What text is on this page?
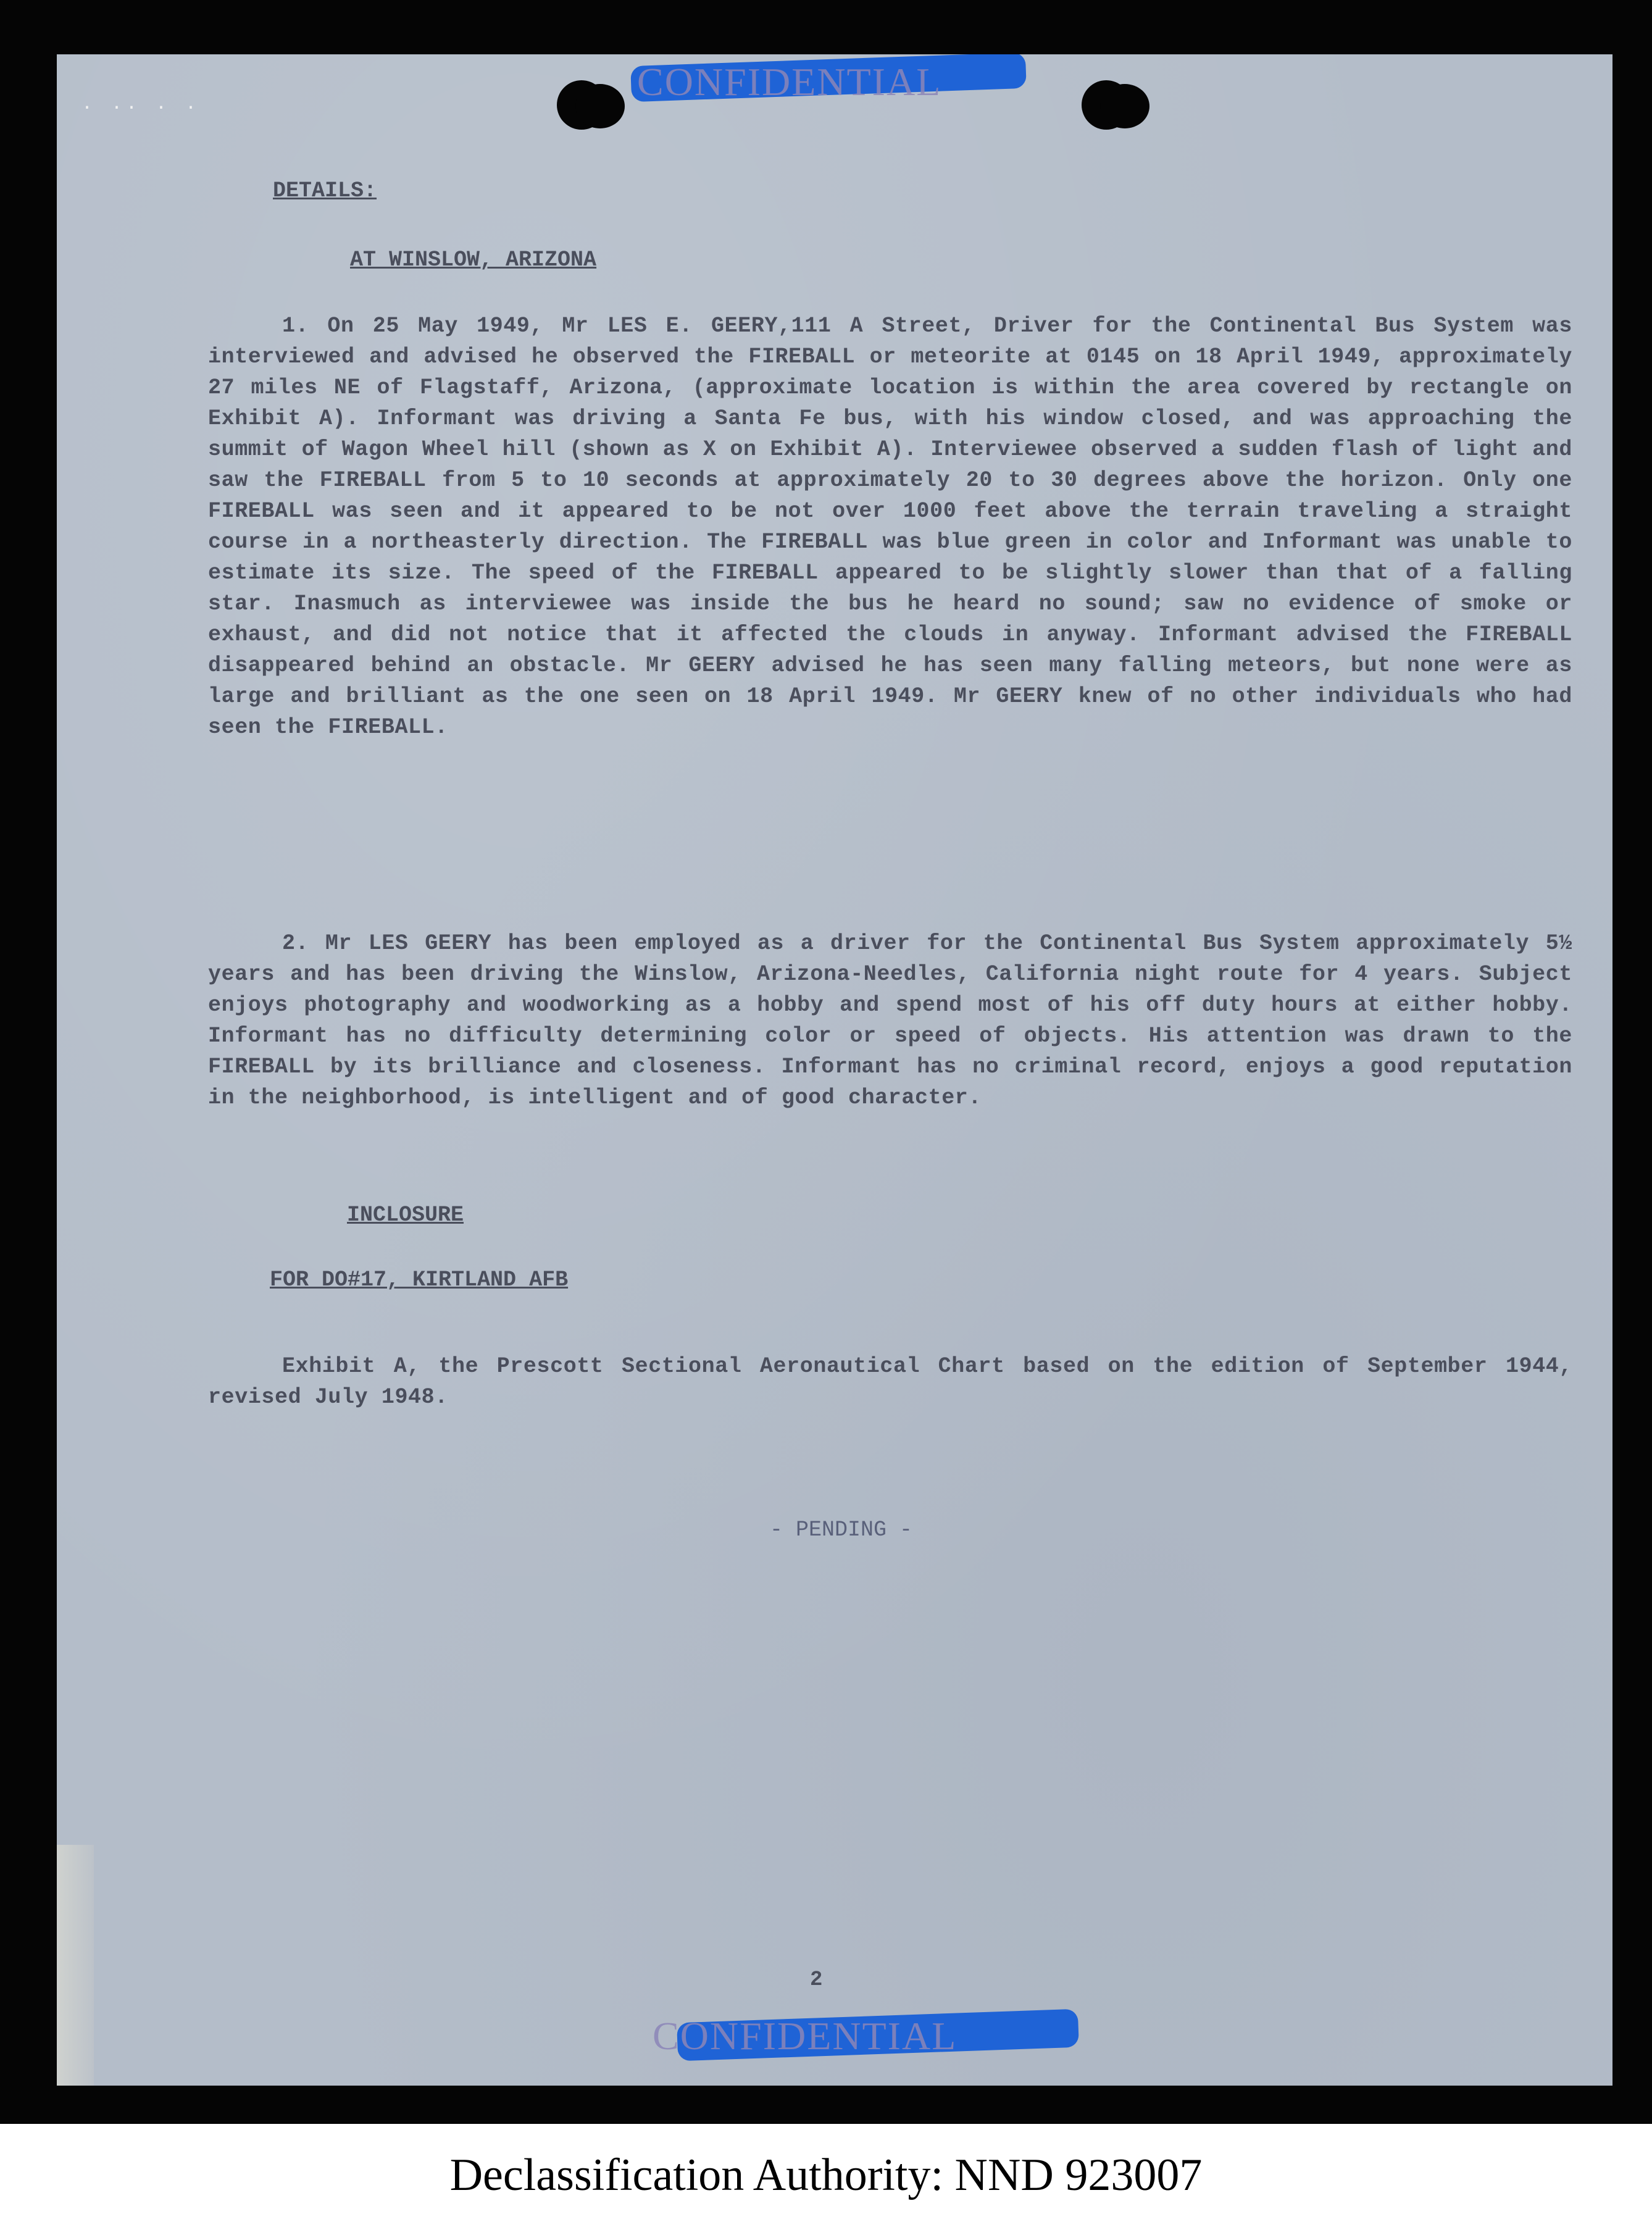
· ·· · ·
CONFIDENTIAL
DETAILS:
AT WINSLOW, ARIZONA

1. On 25 May 1949, Mr LES E. GEERY,111 A Street, Driver for the Continental Bus System was interviewed and advised he observed the FIREBALL or meteorite at 0145 on 18 April 1949, approximately 27 miles NE of Flagstaff, Arizona, (approximate location is within the area covered by rectangle on Exhibit A). Informant was driving a Santa Fe bus, with his window closed, and was approaching the summit of Wagon Wheel hill (shown as X on Exhibit A). Interviewee observed a sudden flash of light and saw the FIREBALL from 5 to 10 seconds at approximately 20 to 30 degrees above the horizon. Only one FIREBALL was seen and it appeared to be not over 1000 feet above the terrain traveling a straight course in a northeasterly direction. The FIREBALL was blue green in color and Informant was unable to estimate its size. The speed of the FIREBALL appeared to be slightly slower than that of a falling star. Inasmuch as interviewee was inside the bus he heard no sound; saw no evidence of smoke or exhaust, and did not notice that it affected the clouds in anyway. Informant advised the FIREBALL disappeared behind an obstacle. Mr GEERY advised he has seen many falling meteors, but none were as large and brilliant as the one seen on 18 April 1949. Mr GEERY knew of no other individuals who had seen the FIREBALL.

2. Mr LES GEERY has been employed as a driver for the Continental Bus System approximately 5½ years and has been driving the Winslow, Arizona-Needles, California night route for 4 years. Subject enjoys photography and woodworking as a hobby and spend most of his off duty hours at either hobby. Informant has no difficulty determining color or speed of objects. His attention was drawn to the FIREBALL by its brilliance and closeness. Informant has no criminal record, enjoys a good reputation in the neighborhood, is intelligent and of good character.

INCLOSURE
FOR DO#17, KIRTLAND AFB

Exhibit A, the Prescott Sectional Aeronautical Chart based on the edition of September 1944, revised July 1948.

- PENDING -
2
CONFIDENTIAL
Declassification Authority: NND 923007
